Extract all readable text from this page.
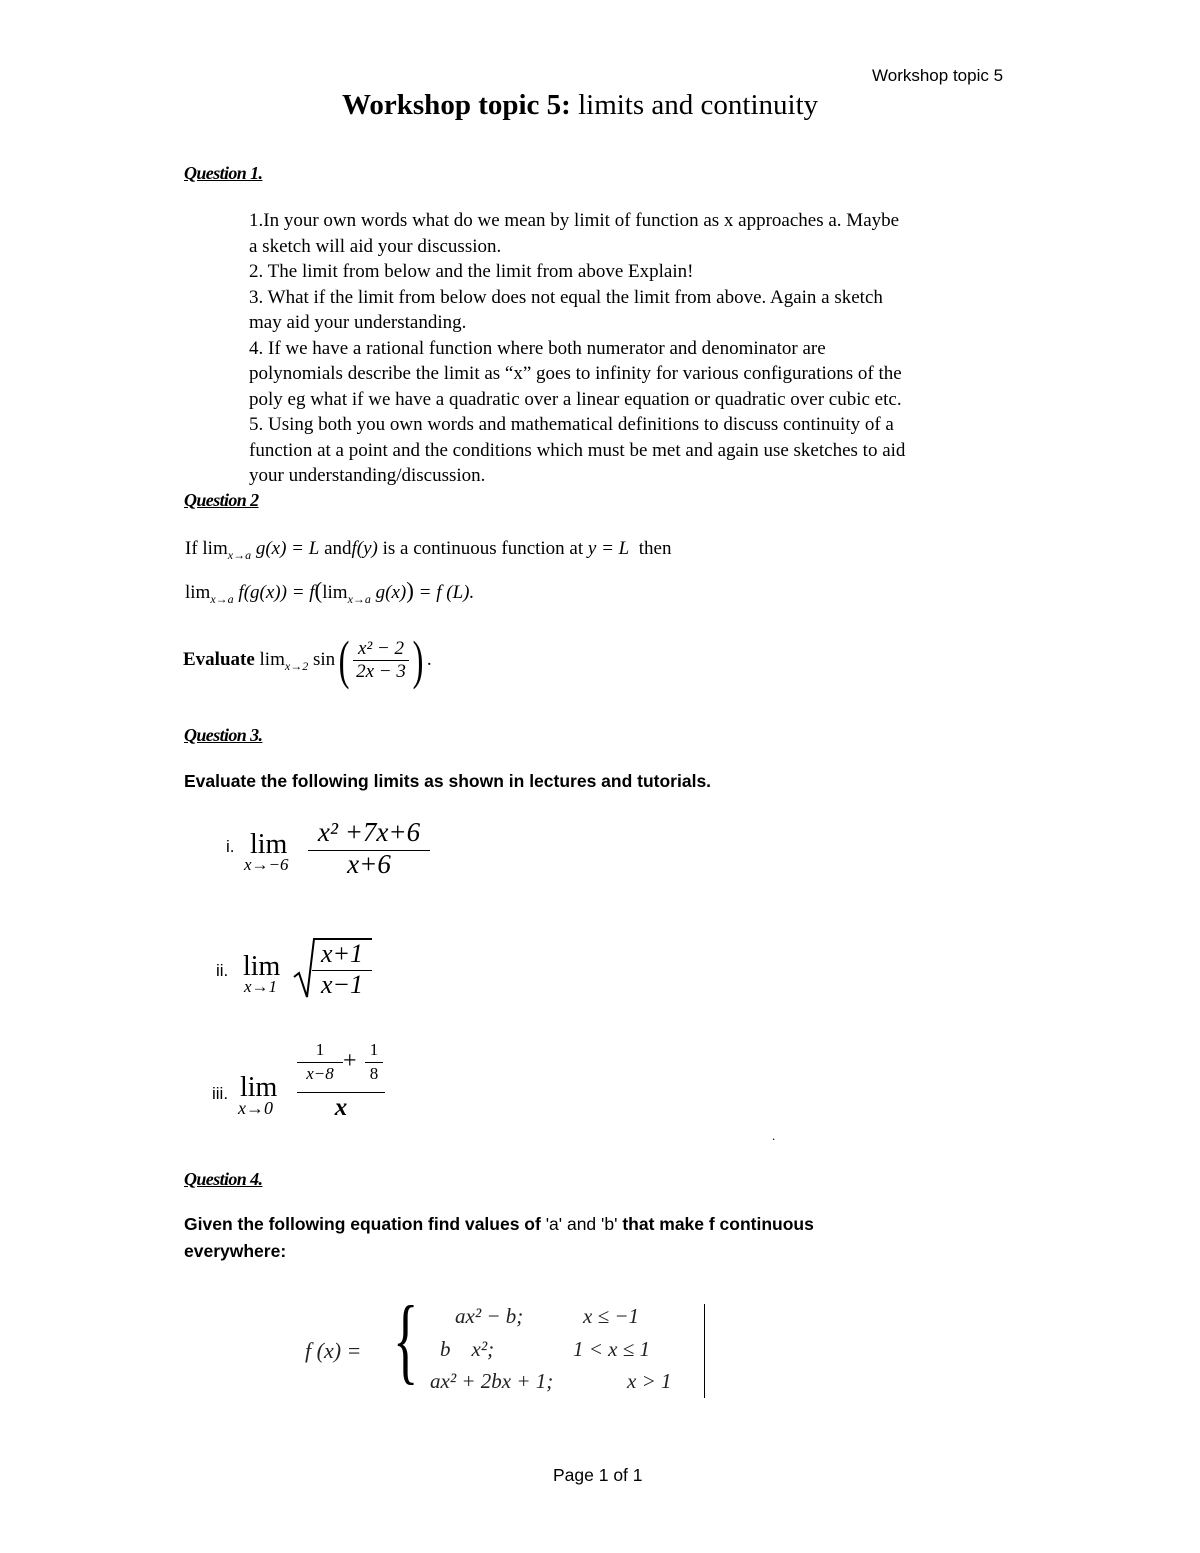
Workshop topic 5
Workshop topic 5: limits and continuity
Question 1.
1.In your own words what do we mean by limit of function as x approaches a. Maybe
a sketch will aid your discussion.
2. The limit from below and the limit from above Explain!
3. What if the limit from below does not equal the limit from above. Again a sketch
may aid your understanding.
4. If we have a rational function where both numerator and denominator are
polynomials describe the limit as “x” goes to infinity for various configurations of the
poly eg what if we have a quadratic over a linear equation or quadratic over cubic etc.
5. Using both you own words and mathematical definitions to discuss continuity of a
function at a point and the conditions which must be met and again use sketches to aid
your understanding/discussion.
Question 2
If $\lim_{x\to a} g(x) = L$ andf(y) is a continuous function at y = L then
$\lim_{x\to a} f(g(x)) = f(\lim_{x\to a}$ g(x)) = f (L).
Evaluate
lim x→2
sin ( $\frac{\text{x² − 2}}{2x - 3}$ ) .
Question 3.
Evaluate the following limits as shown in lectures and tutorials.
i. lim
x→−6
x² +7x+6
x+6
ii. lim
x→1
x+1
x−1
iii. lim
x→0
1
x−8 + 1
8
x
.
Question 4.
Given the following equation find values of 'a' and 'b' that make f continuous
everywhere:
f (x) = { ax² − b;	x ≤ −1
b    x²;	1 < x ≤ 1
ax² + 2bx + 1;	x > 1
Page 1 of 1
